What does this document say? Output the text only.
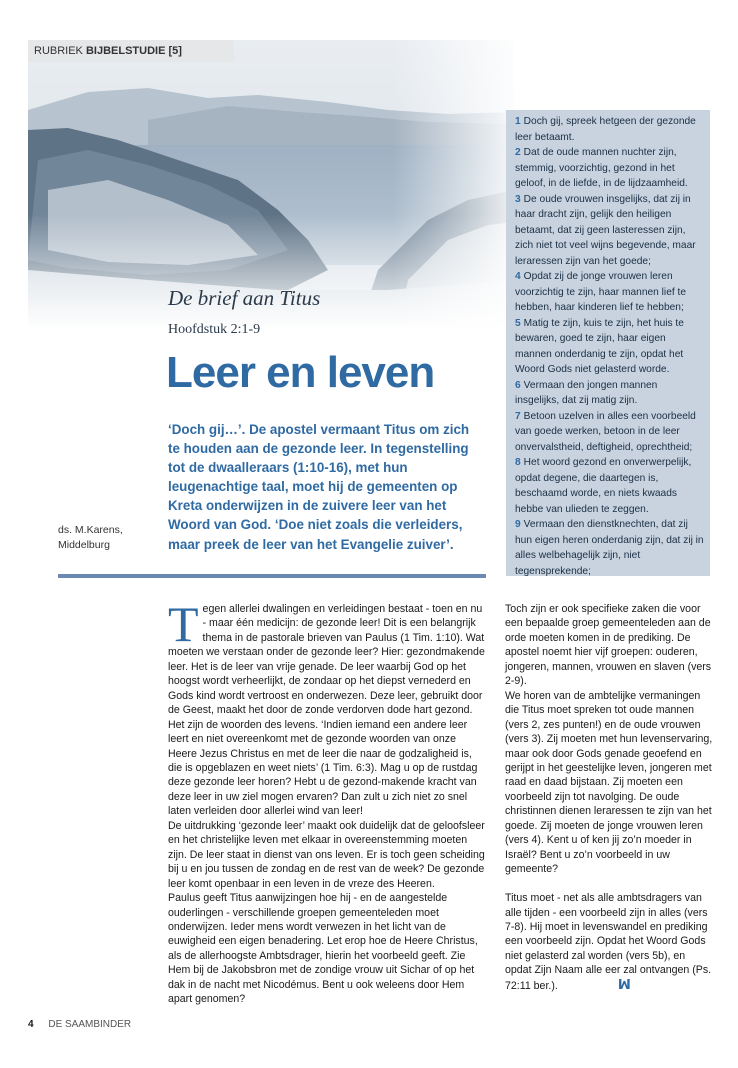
RUBRIEK BIJBELSTUDIE [5]
1 Doch gij, spreek hetgeen der gezonde leer betaamt.
2 Dat de oude mannen nuchter zijn, stemmig, voorzichtig, gezond in het geloof, in de liefde, in de lijdzaamheid.
3 De oude vrouwen insgelijks, dat zij in haar dracht zijn, gelijk den heiligen betaamt, dat zij geen lasteressen zijn, zich niet tot veel wijns begevende, maar leraressen zijn van het goede;
4 Opdat zij de jonge vrouwen leren voorzichtig te zijn, haar mannen lief te hebben, haar kinderen lief te hebben;
5 Matig te zijn, kuis te zijn, het huis te bewaren, goed te zijn, haar eigen mannen onderdanig te zijn, opdat het Woord Gods niet gelasterd worde.
6 Vermaan den jongen mannen insgelijks, dat zij matig zijn.
7 Betoon uzelven in alles een voorbeeld van goede werken, betoon in de leer onvervalstheid, deftigheid, oprechtheid;
8 Het woord gezond en onverwerpelijk, opdat degene, die daartegen is, beschaamd worde, en niets kwaads hebbe van ulieden te zeggen.
9 Vermaan den dienstknechten, dat zij hun eigen heren onderdanig zijn, dat zij in alles welbehagelijk zijn, niet tegensprekende;
De brief aan Titus
Hoofdstuk 2:1-9
Leer en leven
‘Doch gij…’. De apostel vermaant Titus om zich te houden aan de gezonde leer. In tegenstelling tot de dwaalleraars (1:10-16), met hun leugenachtige taal, moet hij de gemeenten op Kreta onderwijzen in de zuivere leer van het Woord van God. ‘Doe niet zoals die verleiders, maar preek de leer van het Evangelie zuiver’.
ds. M.Karens,
Middelburg

Tegen allerlei dwalingen en verleidingen bestaat - toen en nu - maar één medicijn: de gezonde leer! Dit is een belangrijk thema in de pastorale brieven van Paulus (1 Tim. 1:10). Wat moeten we verstaan onder de gezonde leer? Hier: gezondmakende leer. Het is de leer van vrije genade. De leer waarbij God op het hoogst wordt verheerlijkt, de zondaar op het diepst vernederd en Gods kind wordt vertroost en onderwezen. Deze leer, gebruikt door de Geest, maakt het door de zonde verdorven dode hart gezond. Het zijn de woorden des levens. ‘Indien iemand een andere leer leert en niet overeenkomt met de gezonde woorden van onze Heere Jezus Christus en met de leer die naar de godzaligheid is, die is opgeblazen en weet niets’ (1 Tim. 6:3). Mag u op de rustdag deze gezonde leer horen? Hebt u de gezond-makende kracht van deze leer in uw ziel mogen ervaren? Dan zult u zich niet zo snel laten verleiden door allerlei wind van leer!

De uitdrukking ‘gezonde leer’ maakt ook duidelijk dat de geloofsleer en het christelijke leven met elkaar in overeenstemming moeten zijn. De leer staat in dienst van ons leven. Er is toch geen scheiding bij u en jou tussen de zondag en de rest van de week? De gezonde leer komt openbaar in een leven in de vreze des Heeren.

Paulus geeft Titus aanwijzingen hoe hij - en de aangestelde ouderlingen - verschillende groepen gemeenteleden moet onderwijzen. Ieder mens wordt verwezen in het licht van de euwigheid een eigen benadering. Let erop hoe de Heere Christus, als de allerhoogste Ambtsdrager, hierin het voorbeeld geeft. Zie Hem bij de Jakobsbron met de zondige vrouw uit Sichar of op het dak in de nacht met Nicodémus. Bent u ook weleens door Hem apart genomen?

Toch zijn er ook specifieke zaken die voor een bepaalde groep gemeenteleden aan de orde moeten komen in de prediking. De apostel noemt hier vijf groepen: ouderen, jongeren, mannen, vrouwen en slaven (vers 2-9).

We horen van de ambtelijke vermaningen die Titus moet spreken tot oude mannen (vers 2, zes punten!) en de oude vrouwen (vers 3). Zij moeten met hun levenservaring, maar ook door Gods genade geoefend en gerijpt in het geestelijke leven, jongeren met raad en daad bijstaan. Zij moeten een voorbeeld zijn tot navolging. De oude christinnen dienen leraressen te zijn van het goede. Zij moeten de jonge vrouwen leren (vers 4). Kent u of ken jij zo’n moeder in Israël? Bent u zo’n voorbeeld in uw gemeente?

Titus moet - net als alle ambtsdragers van alle tijden - een voorbeeld zijn in alles (vers 7-8). Hij moet in levenswandel en prediking een voorbeeld zijn. Opdat het Woord Gods niet gelasterd zal worden (vers 5b), en opdat Zijn Naam alle eer zal ontvangen (Ps. 72:11 ber.).	ꟽ

4 DE SAAMBINDER
